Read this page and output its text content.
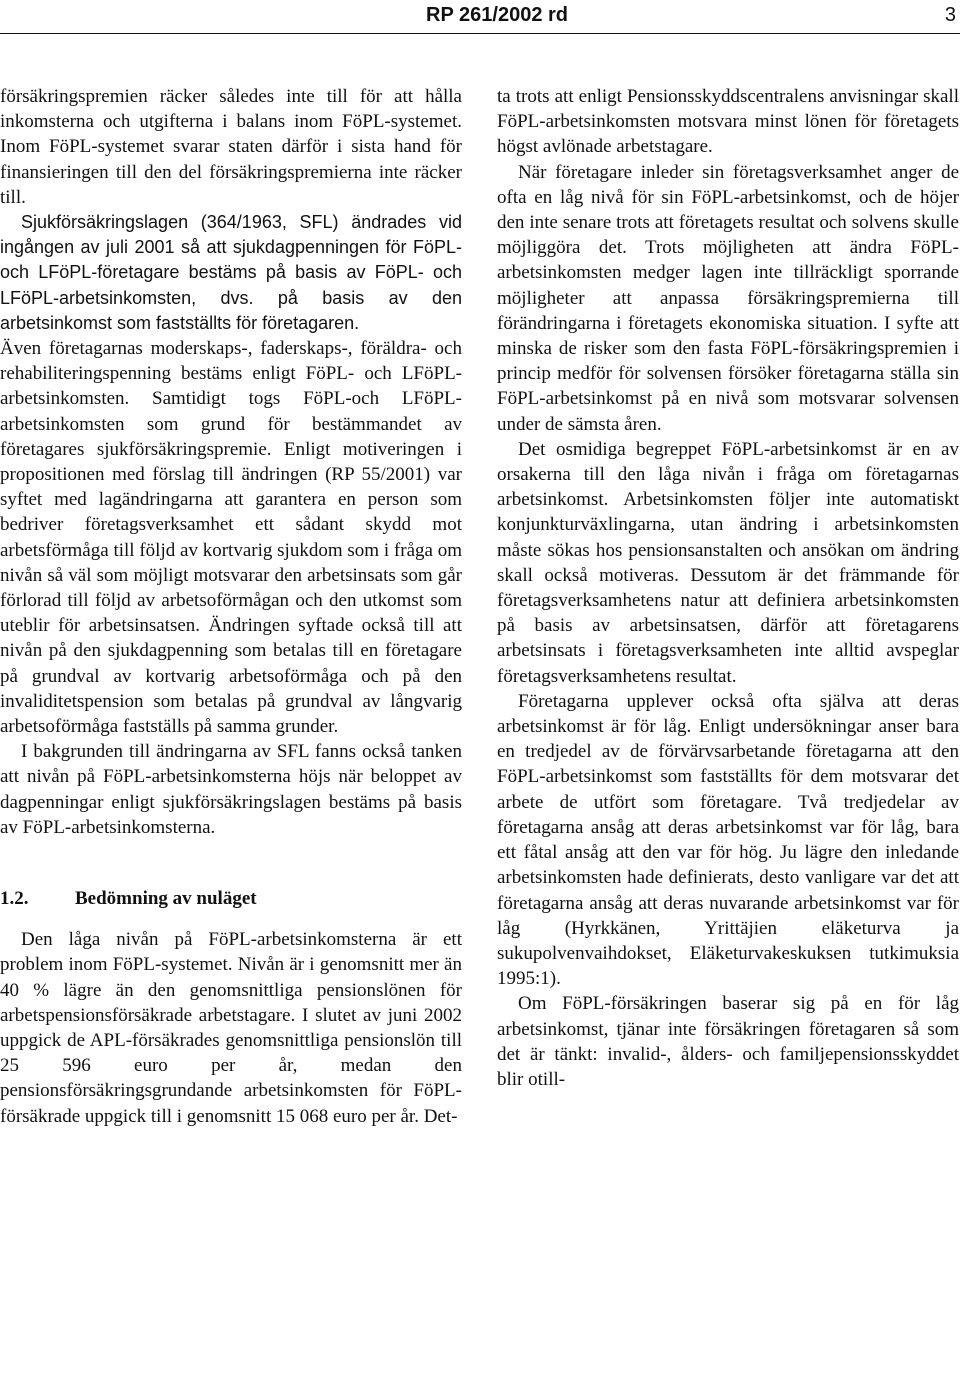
RP 261/2002 rd	3

försäkringspremien räcker således inte till för att hålla inkomsterna och utgifterna i balans inom FöPL-systemet. Inom FöPL-systemet svarar staten därför i sista hand för finansieringen till den del försäkringspremierna inte räcker till.

Sjukförsäkringslagen (364/1963, SFL) ändrades vid ingången av juli 2001 så att sjukdagpenningen för FöPL- och LFöPL-företagare bestäms på basis av FöPL- och LFöPL-arbetsinkomsten, dvs. på basis av den arbetsinkomst som fastställts för företagaren.

Även företagarnas moderskaps-, faderskaps-, föräldra- och rehabiliteringspenning bestäms enligt FöPL- och LFöPL-arbetsinkomsten. Samtidigt togs FöPL-och LFöPL-arbetsinkomsten som grund för bestämmandet av företagares sjukförsäkringspremie. Enligt motiveringen i propositionen med förslag till ändringen (RP 55/2001) var syftet med lagändringarna att garantera en person som bedriver företagsverksamhet ett sådant skydd mot arbetsförmåga till följd av kortvarig sjukdom som i fråga om nivån så väl som möjligt motsvarar den arbetsinsats som går förlorad till följd av arbetsoförmågan och den utkomst som uteblir för arbetsinsatsen. Ändringen syftade också till att nivån på den sjukdagpenning som betalas till en företagare på grundval av kortvarig arbetsoförmåga och på den invaliditetspension som betalas på grundval av långvarig arbetsoförmåga fastställs på samma grunder.

I bakgrunden till ändringarna av SFL fanns också tanken att nivån på FöPL-arbetsinkomsterna höjs när beloppet av dagpenningar enligt sjukförsäkringslagen bestäms på basis av FöPL-arbetsinkomsterna.

1.2.	Bedömning av nuläget

Den låga nivån på FöPL-arbetsinkomsterna är ett problem inom FöPL-systemet. Nivån är i genomsnitt mer än 40 % lägre än den genomsnittliga pensionslönen för arbetspensionsförsäkrade arbetstagare. I slutet av juni 2002 uppgick de APL-försäkrades genomsnittliga pensionslön till 25 596 euro per år, medan den pensionsförsäkringsgrundande arbetsinkomsten för FöPL-försäkrade uppgick till i genomsnitt 15 068 euro per år. Det-

ta trots att enligt Pensionsskyddscentralens anvisningar skall FöPL-arbetsinkomsten motsvara minst lönen för företagets högst avlönade arbetstagare.

När företagare inleder sin företagsverksamhet anger de ofta en låg nivå för sin FöPL-arbetsinkomst, och de höjer den inte senare trots att företagets resultat och solvens skulle möjliggöra det. Trots möjligheten att ändra FöPL-arbetsinkomsten medger lagen inte tillräckligt sporrande möjligheter att anpassa försäkringspremierna till förändringarna i företagets ekonomiska situation. I syfte att minska de risker som den fasta FöPL-försäkringspremien i princip medför för solvensen försöker företagarna ställa sin FöPL-arbetsinkomst på en nivå som motsvarar solvensen under de sämsta åren.

Det osmidiga begreppet FöPL-arbetsinkomst är en av orsakerna till den låga nivån i fråga om företagarnas arbetsinkomst. Arbetsinkomsten följer inte automatiskt konjunkturväxlingarna, utan ändring i arbetsinkomsten måste sökas hos pensionsanstalten och ansökan om ändring skall också motiveras. Dessutom är det främmande för företagsverksamhetens natur att definiera arbetsinkomsten på basis av arbetsinsatsen, därför att företagarens arbetsinsats i företagsverksamheten inte alltid avspeglar företagsverksamhetens resultat.

Företagarna upplever också ofta själva att deras arbetsinkomst är för låg. Enligt undersökningar anser bara en tredjedel av de förvärvsarbetande företagarna att den FöPL-arbetsinkomst som fastställts för dem motsvarar det arbete de utfört som företagare. Två tredjedelar av företagarna ansåg att deras arbetsinkomst var för låg, bara ett fåtal ansåg att den var för hög. Ju lägre den inledande arbetsinkomsten hade definierats, desto vanligare var det att företagarna ansåg att deras nuvarande arbetsinkomst var för låg (Hyrkkänen, Yrittäjien eläketurva ja sukupolvenvaihdokset, Eläketurvakeskuksen tutkimuksia 1995:1).

Om FöPL-försäkringen baserar sig på en för låg arbetsinkomst, tjänar inte försäkringen företagaren så som det är tänkt: invalid-, ålders- och familjepensionsskyddet blir otill-
